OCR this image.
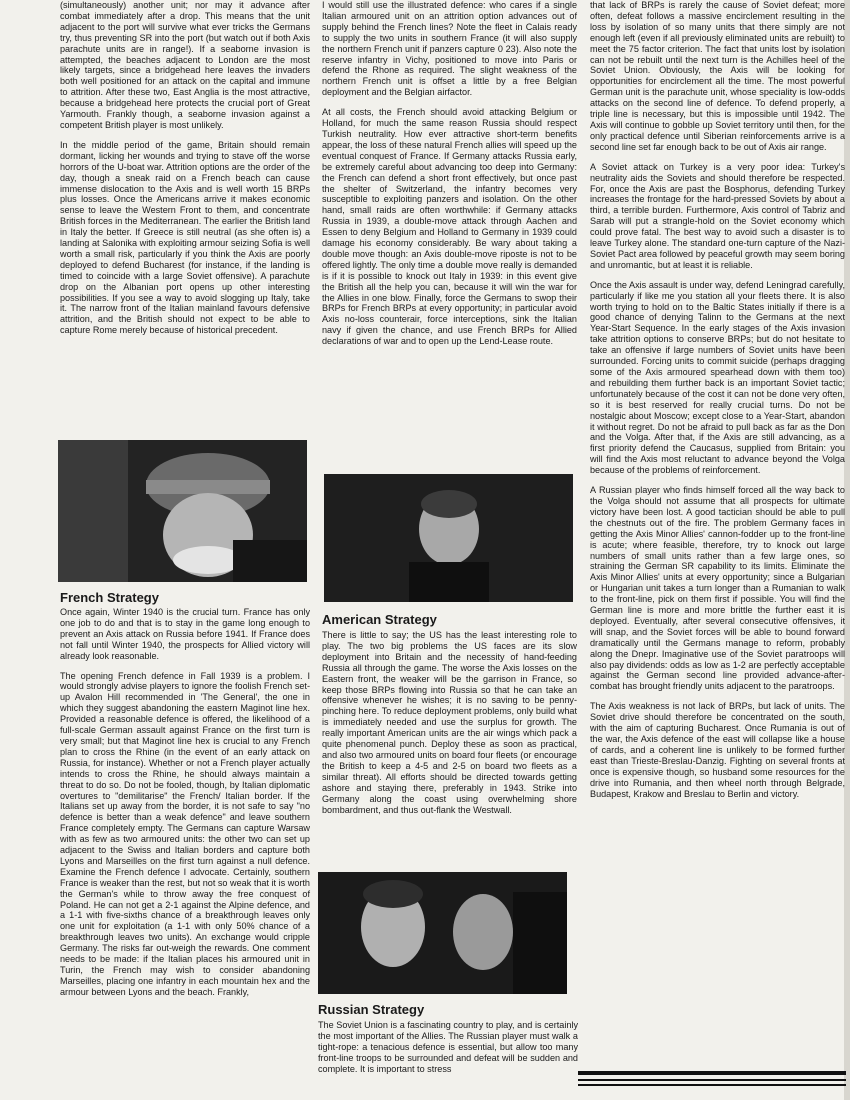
(simultaneously) another unit; nor may it advance after combat immediately after a drop. This means that the unit adjacent to the port will survive what ever tricks the Germans try, thus preventing SR into the port (but watch out if both Axis parachute units are in range!). If a seaborne invasion is attempted, the beaches adjacent to London are the most likely targets, since a bridgehead here leaves the invaders both well positioned for an attack on the capital and immune to attrition. After these two, East Anglia is the most attractive, because a bridgehead here protects the crucial port of Great Yarmouth. Frankly though, a seaborne invasion against a competent British player is most unlikely.

In the middle period of the game, Britain should remain dormant, licking her wounds and trying to stave off the worse horrors of the U-boat war. Attrition options are the order of the day, though a sneak raid on a French beach can cause immense dislocation to the Axis and is well worth 15 BRPs plus losses. Once the Americans arrive it makes economic sense to leave the Western Front to them, and concentrate British forces in the Mediterranean. The earlier the British land in Italy the better. If Greece is still neutral (as she often is) a landing at Salonika with exploiting armour seizing Sofia is well worth a small risk, particularly if you think the Axis are poorly deployed to defend Bucharest (for instance, if the landing is timed to coincide with a large Soviet offensive). A parachute drop on the Albanian port opens up other interesting possibilities. If you see a way to avoid slogging up Italy, take it. The narrow front of the Italian mainland favours defensive attrition, and the British should not expect to be able to capture Rome merely because of historical precedent.

French Strategy

Once again, Winter 1940 is the crucial turn. France has only one job to do and that is to stay in the game long enough to prevent an Axis attack on Russia before 1941. If France does not fall until Winter 1940, the prospects for Allied victory will already look reasonable.

The opening French defence in Fall 1939 is a problem. I would strongly advise players to ignore the foolish French set-up Avalon Hill recommended in 'The General', the one in which they suggest abandoning the eastern Maginot line hex. Provided a reasonable defence is offered, the likelihood of a full-scale German assault against France on the first turn is very small; but that Maginot line hex is crucial to any French plan to cross the Rhine (in the event of an early attack on Russia, for instance). Whether or not a French player actually intends to cross the Rhine, he should always maintain a threat to do so. Do not be fooled, though, by Italian diplomatic overtures to "demilitarise" the French/ Italian border. If the Italians set up away from the border, it is not safe to say "no defence is better than a weak defence" and leave southern France completely empty. The Germans can capture Warsaw with as few as two armoured units: the other two can set up adjacent to the Swiss and Italian borders and capture both Lyons and Marseilles on the first turn against a null defence. Examine the French defence I advocate. Certainly, southern France is weaker than the rest, but not so weak that it is worth the German's while to throw away the free conquest of Poland. He can not get a 2-1 against the Alpine defence, and a 1-1 with five-sixths chance of a breakthrough leaves only one unit for exploitation (a 1-1 with only 50% chance of a breakthrough leaves two units). An exchange would cripple Germany. The risks far out-weigh the rewards. One comment needs to be made: if the Italian places his armoured unit in Turin, the French may wish to consider abandoning Marseilles, placing one infantry in each mountain hex and the armour between Lyons and the beach. Frankly,

I would still use the illustrated defence: who cares if a single Italian armoured unit on an attrition option advances out of supply behind the French lines? Note the fleet in Calais ready to supply the two units in southern France (it will also supply the northern French unit if panzers capture 0 23). Also note the reserve infantry in Vichy, positioned to move into Paris or defend the Rhone as required. The slight weakness of the northern French unit is offset a little by a free Belgian deployment and the Belgian airfactor.

At all costs, the French should avoid attacking Belgium or Holland, for much the same reason Russia should respect Turkish neutrality. How ever attractive short-term benefits appear, the loss of these natural French allies will speed up the eventual conquest of France. If Germany attacks Russia early, be extremely careful about advancing too deep into Germany: the French can defend a short front effectively, but once past the shelter of Switzerland, the infantry becomes very susceptible to exploiting panzers and isolation. On the other hand, small raids are often worthwhile: if Germany attacks Russia in 1939, a double-move attack through Aachen and Essen to deny Belgium and Holland to Germany in 1939 could damage his economy considerably. Be wary about taking a double move though: an Axis double-move riposte is not to be offered lightly. The only time a double move really is demanded is if it is possible to knock out Italy in 1939: in this event give the British all the help you can, because it will win the war for the Allies in one blow. Finally, force the Germans to swop their BRPs for French BRPs at every opportunity; in particular avoid Axis no-loss counterair, force interceptions, sink the Italian navy if given the chance, and use French BRPs for Allied declarations of war and to open up the Lend-Lease route.

American Strategy

There is little to say; the US has the least interesting role to play. The two big problems the US faces are its slow deployment into Britain and the necessity of hand-feeding Russia all through the game. The worse the Axis losses on the Eastern front, the weaker will be the garrison in France, so keep those BRPs flowing into Russia so that he can take an offensive whenever he wishes; it is no saving to be penny-pinching here. To reduce deployment problems, only build what is immediately needed and use the surplus for growth. The really important American units are the air wings which pack a quite phenomenal punch. Deploy these as soon as practical, and also two armoured units on board four fleets (or encourage the British to keep a 4-5 and 2-5 on board two fleets as a similar threat). All efforts should be directed towards getting ashore and staying there, preferably in 1943. Strike into Germany along the coast using overwhelming shore bombardment, and thus out-flank the Westwall.

Russian Strategy

The Soviet Union is a fascinating country to play, and is certainly the most important of the Allies. The Russian player must walk a tight-rope: a tenacious defence is essential, but allow too many front-line troops to be surrounded and defeat will be sudden and complete. It is important to stress

that lack of BRPs is rarely the cause of Soviet defeat; more often, defeat follows a massive encirclement resulting in the loss by isolation of so many units that there simply are not enough left (even if all previously eliminated units are rebuilt) to meet the 75 factor criterion. The fact that units lost by isolation can not be rebuilt until the next turn is the Achilles heel of the Soviet Union. Obviously, the Axis will be looking for opportunities for encirclement all the time. The most powerful German unit is the parachute unit, whose speciality is low-odds attacks on the second line of defence. To defend properly, a triple line is necessary, but this is impossible until 1942. The Axis will continue to gobble up Soviet territory until then, for the only practical defence until Siberian reinforcements arrive is a second line set far enough back to be out of Axis air range.

A Soviet attack on Turkey is a very poor idea: Turkey's neutrality aids the Soviets and should therefore be respected. For, once the Axis are past the Bosphorus, defending Turkey increases the frontage for the hard-pressed Soviets by about a third, a terrible burden. Furthermore, Axis control of Tabriz and Sarab will put a strangle-hold on the Soviet economy which could prove fatal. The best way to avoid such a disaster is to leave Turkey alone. The standard one-turn capture of the Nazi-Soviet Pact area followed by peaceful growth may seem boring and unromantic, but at least it is reliable.

Once the Axis assault is under way, defend Leningrad carefully, particularly if like me you station all your fleets there. It is also worth trying to hold on to the Baltic States initially if there is a good chance of denying Talinn to the Germans at the next Year-Start Sequence. In the early stages of the Axis invasion take attrition options to conserve BRPs; but do not hesitate to take an offensive if large numbers of Soviet units have been surrounded. Forcing units to commit suicide (perhaps dragging some of the Axis armoured spearhead down with them too) and rebuilding them further back is an important Soviet tactic; unfortunately because of the cost it can not be done very often, so it is best reserved for really crucial turns. Do not be nostalgic about Moscow; except close to a Year-Start, abandon it without regret. Do not be afraid to pull back as far as the Don and the Volga. After that, if the Axis are still advancing, as a first priority defend the Caucasus, supplied from Britain: you will find the Axis most reluctant to advance beyond the Volga because of the problems of reinforcement.

A Russian player who finds himself forced all the way back to the Volga should not assume that all prospects for ultimate victory have been lost. A good tactician should be able to pull the chestnuts out of the fire. The problem Germany faces in getting the Axis Minor Allies' cannon-fodder up to the front-line is acute; where feasible, therefore, try to knock out large numbers of small units rather than a few large ones, so straining the German SR capability to its limits. Eliminate the Axis Minor Allies' units at every opportunity; since a Bulgarian or Hungarian unit takes a turn longer than a Rumanian to walk to the front-line, pick on them first if possible. You will find the German line is more and more brittle the further east it is deployed. Eventually, after several consecutive offensives, it will snap, and the Soviet forces will be able to bound forward dramatically until the Germans manage to reform, probably along the Dnepr. Imaginative use of the Soviet paratroops will also pay dividends: odds as low as 1-2 are perfectly acceptable against the German second line provided advance-after-combat has brought friendly units adjacent to the paratroops.

The Axis weakness is not lack of BRPs, but lack of units. The Soviet drive should therefore be concentrated on the south, with the aim of capturing Bucharest. Once Rumania is out of the war, the Axis defence of the east will collapse like a house of cards, and a coherent line is unlikely to be formed further east than Trieste-Breslau-Danzig. Fighting on several fronts at once is expensive though, so husband some resources for the drive into Rumania, and then wheel north through Belgrade, Budapest, Krakow and Breslau to Berlin and victory.
